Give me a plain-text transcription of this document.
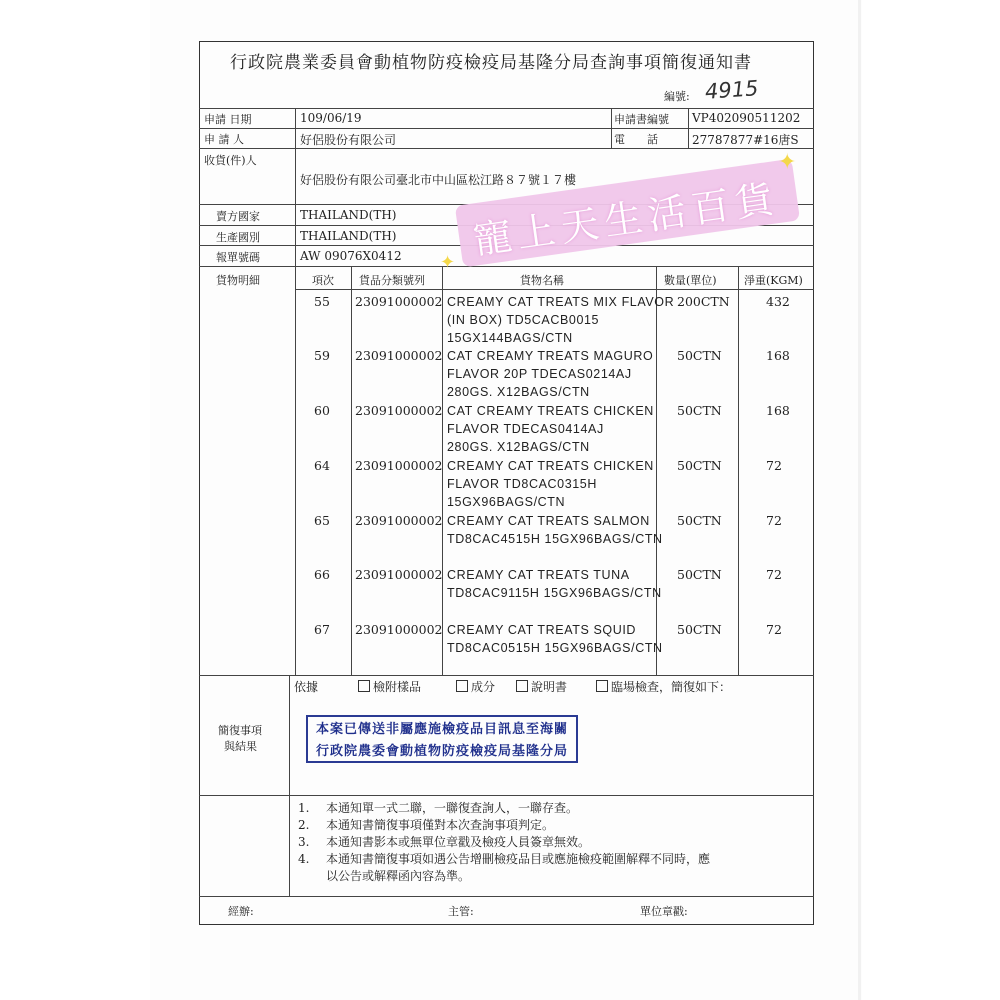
行政院農業委員會動植物防疫檢疫局基隆分局查詢事項簡復通知書
編號: 4915
申請 日期	109/06/19	申請書編號 VP402090511202
申 請 人	好侶股份有限公司	電　　話	27787877#16唐S
收貨(件)人
好侶股份有限公司臺北市中山區松江路８７號１７樓
賣方國家	THAILAND(TH)
生產國別	THAILAND(TH)
報單號碼	AW 09076X0412
貨物明細	項次 貨品分類號列	貨物名稱	數量(單位) 淨重(KGM)
55 23091000002 CREAMY CAT TREATS MIX FLAVOR
(IN BOX) TD5CACB0015
15GX144BAGS/CTN
200CTN	432
59 23091000002 CAT CREAMY TREATS MAGURO
FLAVOR 20P TDECAS0214AJ
280GS. X12BAGS/CTN
50CTN	168
60 23091000002 CAT CREAMY TREATS CHICKEN
FLAVOR TDECAS0414AJ
280GS. X12BAGS/CTN
50CTN	168
64 23091000002 CREAMY CAT TREATS CHICKEN
FLAVOR TD8CAC0315H
15GX96BAGS/CTN
50CTN	72
65 23091000002 CREAMY CAT TREATS SALMON
TD8CAC4515H 15GX96BAGS/CTN
50CTN	72
66 23091000002 CREAMY CAT TREATS TUNA
TD8CAC9115H 15GX96BAGS/CTN
50CTN	72
67 23091000002 CREAMY CAT TREATS SQUID
TD8CAC0515H 15GX96BAGS/CTN
50CTN	72
簡復事項
與結果
依據	檢附樣品	成分	說明書	臨場檢查，簡復如下：
本案已傳送非屬應施檢疫品目訊息至海關
行政院農委會動植物防疫檢疫局基隆分局
1. 本通知單一式二聯，一聯復查詢人，一聯存查。
2. 本通知書簡復事項僅對本次查詢事項判定。
3. 本通知書影本或無單位章戳及檢疫人員簽章無效。
4. 本通知書簡復事項如遇公告增刪檢疫品目或應施檢疫範圍解釋不同時，應
以公告或解釋函內容為準。
經辦:	主管:	單位章戳:
寵上天生活百貨
✦
✦
